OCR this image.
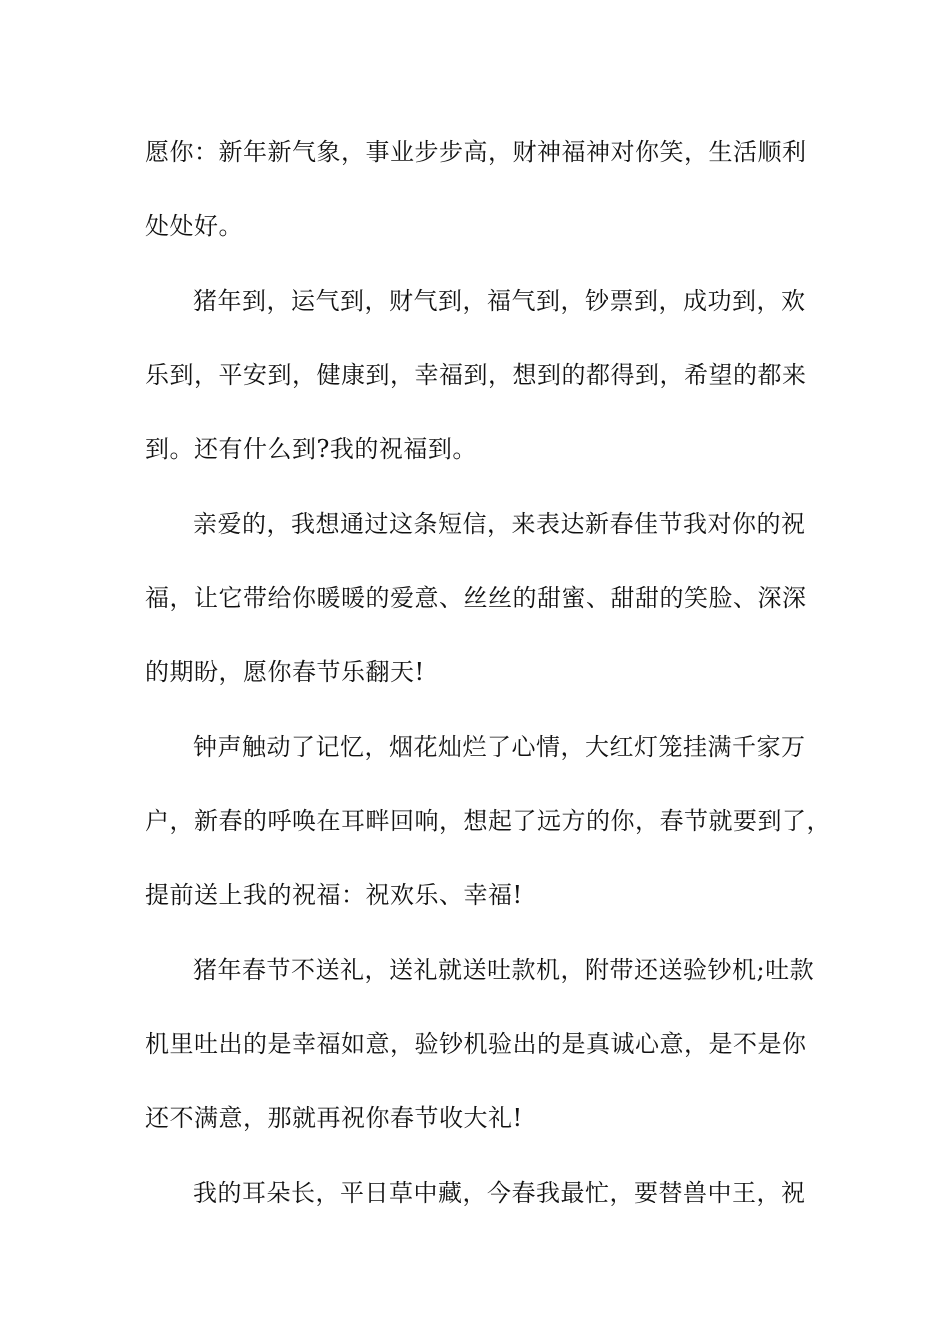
愿你：新年新气象，事业步步高，财神福神对你笑，生活顺利

处处好。

猪年到，运气到，财气到，福气到，钞票到，成功到，欢

乐到，平安到，健康到，幸福到，想到的都得到，希望的都来

到。还有什么到?我的祝福到。

亲爱的，我想通过这条短信，来表达新春佳节我对你的祝

福，让它带给你暖暖的爱意、丝丝的甜蜜、甜甜的笑脸、深深

的期盼，愿你春节乐翻天!

钟声触动了记忆，烟花灿烂了心情，大红灯笼挂满千家万

户，新春的呼唤在耳畔回响，想起了远方的你，春节就要到了，

提前送上我的祝福：祝欢乐、幸福!

猪年春节不送礼，送礼就送吐款机，附带还送验钞机;吐款

机里吐出的是幸福如意，验钞机验出的是真诚心意，是不是你

还不满意，那就再祝你春节收大礼!

我的耳朵长，平日草中藏，今春我最忙，要替兽中王，祝
